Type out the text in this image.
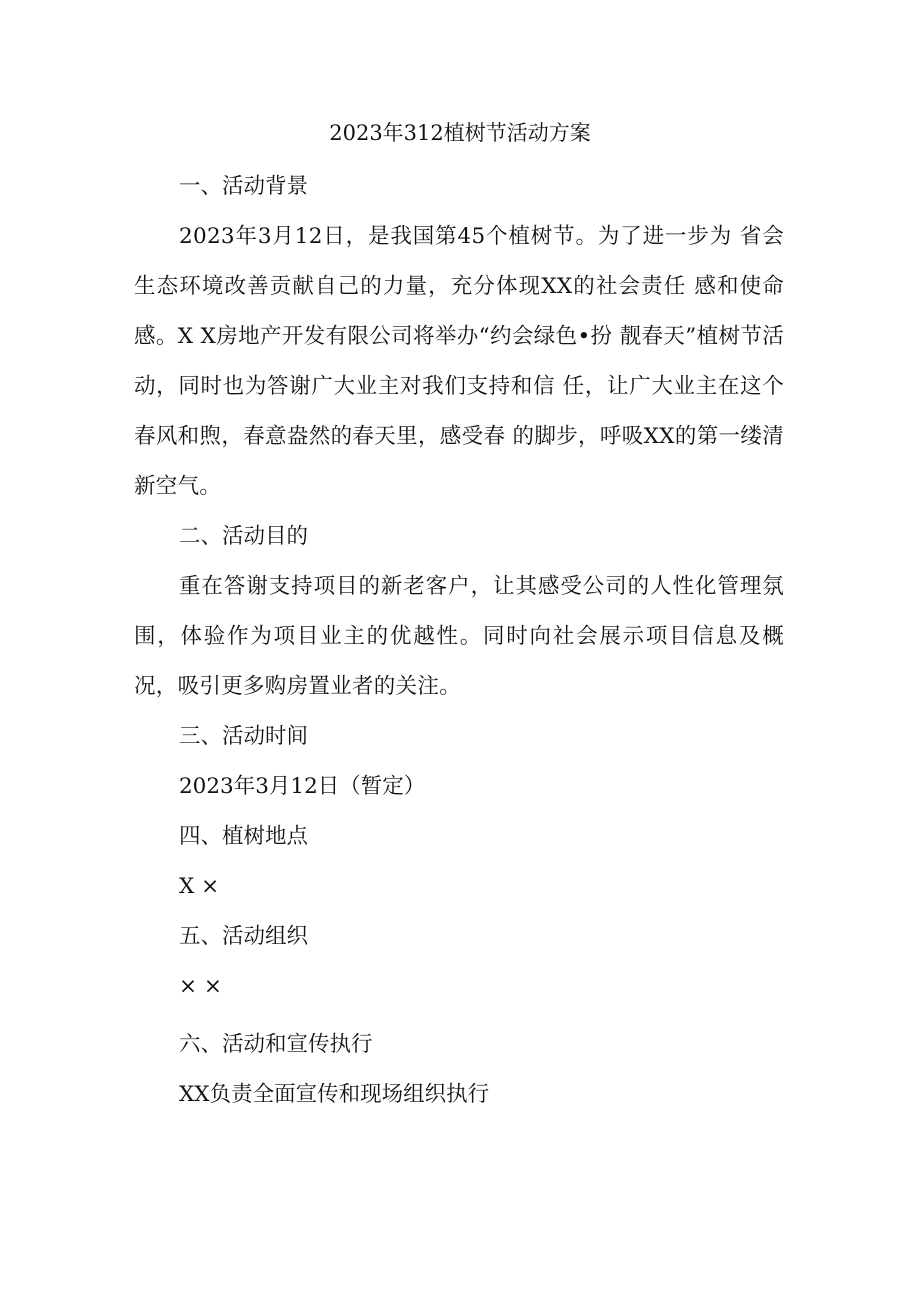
2023年312植树节活动方案

一、活动背景

2023年3月12日，是我国第45个植树节。为了进一步为 省会生态环境改善贡献自己的力量，充分体现XX的社会责任 感和使命感。X X房地产开发有限公司将举办“约会绿色•扮 靓春天”植树节活动，同时也为答谢广大业主对我们支持和信 任，让广大业主在这个春风和煦，春意盎然的春天里，感受春 的脚步，呼吸XX的第一缕清新空气。

二、活动目的

重在答谢支持项目的新老客户，让其感受公司的人性化管理氛围，体验作为项目业主的优越性。同时向社会展示项目信息及概况，吸引更多购房置业者的关注。

三、活动时间

2023年3月12日（暂定）

四、植树地点

X ×

五、活动组织

× ×

六、活动和宣传执行

XX负责全面宣传和现场组织执行
